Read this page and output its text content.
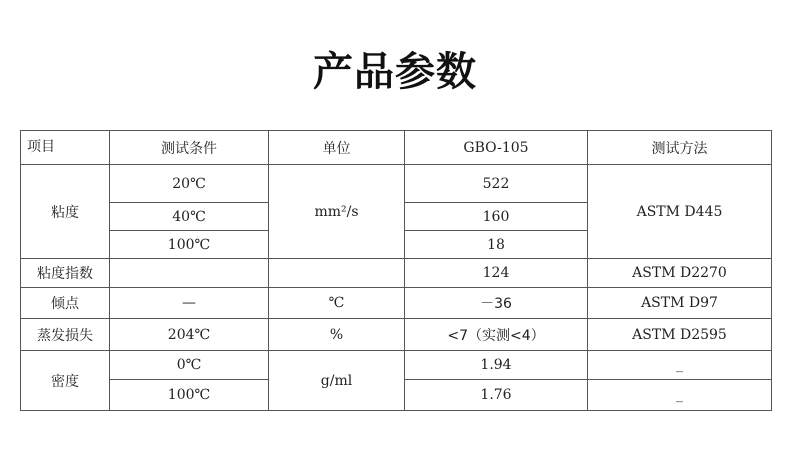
产品参数
项目	测试条件	单位	GBO-105	测试方法
粘度	20℃	mm²/s	522	ASTM D445
	40℃		160	
	100℃		18	
粘度指数			124	ASTM D2270
倾点	—	℃	－36	ASTM D97
蒸发损失	204℃	%	<7（实测<4）	ASTM D2595
密度	0℃	g/ml	1.94	_
	100℃		1.76	_
